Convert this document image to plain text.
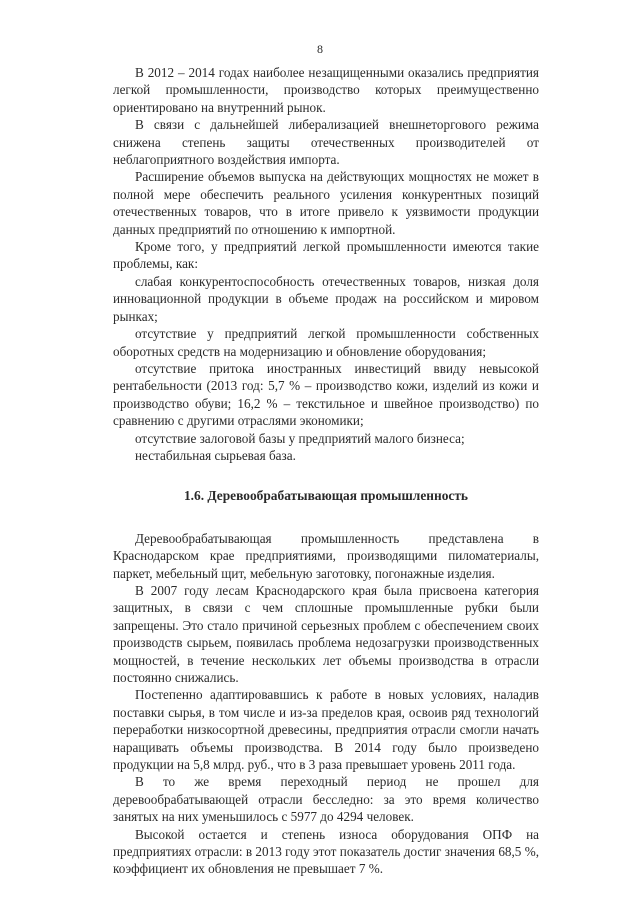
8

В 2012 – 2014 годах наиболее незащищенными оказались предприятия легкой промышленности, производство которых преимущественно ориентировано на внутренний рынок.

В связи с дальнейшей либерализацией внешнеторгового режима снижена степень защиты отечественных производителей от неблагоприятного воздействия импорта.

Расширение объемов выпуска на действующих мощностях не может в полной мере обеспечить реального усиления конкурентных позиций отечественных товаров, что в итоге привело к уязвимости продукции данных предприятий по отношению к импортной.

Кроме того, у предприятий легкой промышленности имеются такие проблемы, как:

слабая конкурентоспособность отечественных товаров, низкая доля инновационной продукции в объеме продаж на российском и мировом рынках;

отсутствие у предприятий легкой промышленности собственных оборотных средств на модернизацию и обновление оборудования;

отсутствие притока иностранных инвестиций ввиду невысокой рентабельности (2013 год: 5,7 % – производство кожи, изделий из кожи и производство обуви; 16,2 % – текстильное и швейное производство) по сравнению с другими отраслями экономики;

отсутствие залоговой базы у предприятий малого бизнеса;

нестабильная сырьевая база.

1.6. Деревообрабатывающая промышленность

Деревообрабатывающая промышленность представлена в Краснодарском крае предприятиями, производящими пиломатериалы, паркет, мебельный щит, мебельную заготовку, погонажные изделия.

В 2007 году лесам Краснодарского края была присвоена категория защитных, в связи с чем сплошные промышленные рубки были запрещены. Это стало причиной серьезных проблем с обеспечением своих производств сырьем, появилась проблема недозагрузки производственных мощностей, в течение нескольких лет объемы производства в отрасли постоянно снижались.

Постепенно адаптировавшись к работе в новых условиях, наладив поставки сырья, в том числе и из-за пределов края, освоив ряд технологий переработки низкосортной древесины, предприятия отрасли смогли начать наращивать объемы производства. В 2014 году было произведено продукции на 5,8 млрд. руб., что в 3 раза превышает уровень 2011 года.

В то же время переходный период не прошел для деревообрабатывающей отрасли бесследно: за это время количество занятых на них уменьшилось с 5977 до 4294 человек.

Высокой остается и степень износа оборудования ОПФ на предприятиях отрасли: в 2013 году этот показатель достиг значения 68,5 %, коэффициент их обновления не превышает 7 %.
